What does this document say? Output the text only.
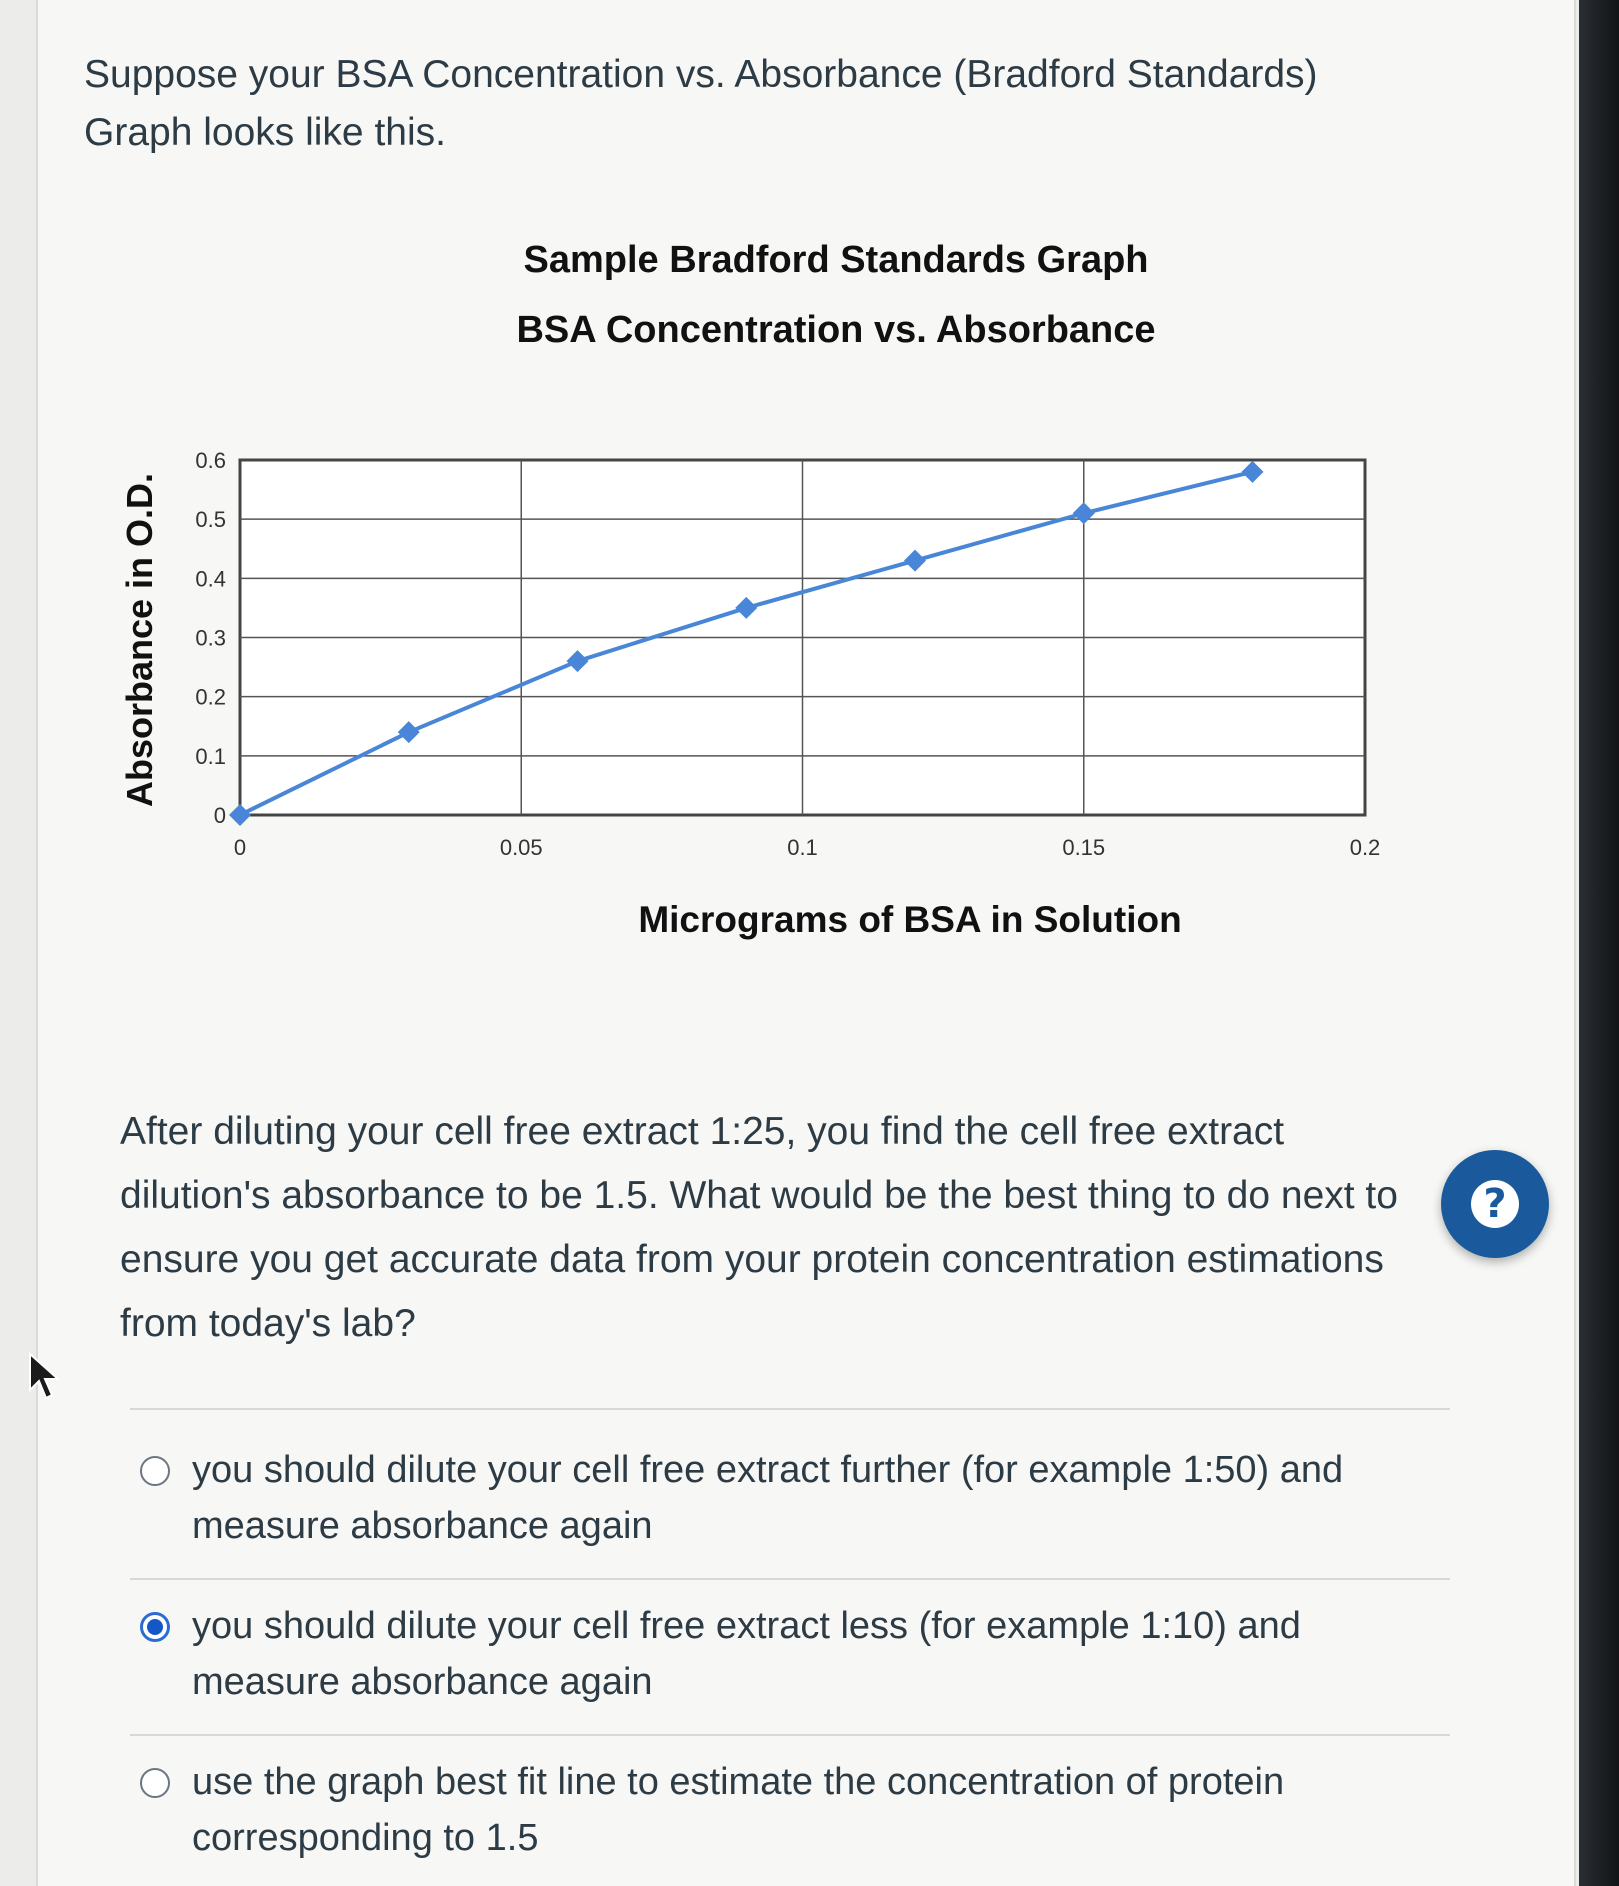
Suppose your BSA Concentration vs. Absorbance (Bradford Standards) Graph looks like this.

Sample Bradford Standards Graph
BSA Concentration vs. Absorbance
0
0.1
0.2
0.3
0.4
0.5
0.6
0	0.05	0.1	0.15	0.2
Absorbance in O.D.
Micrograms of BSA in Solution

After diluting your cell free extract 1:25, you find the cell free extract dilution's absorbance to be 1.5. What would be the best thing to do next to ensure you get accurate data from your protein concentration estimations from today's lab?

?
you should dilute your cell free extract further (for example 1:50) and measure absorbance again
you should dilute your cell free extract less (for example 1:10) and measure absorbance again
use the graph best fit line to estimate the concentration of protein corresponding to 1.5
